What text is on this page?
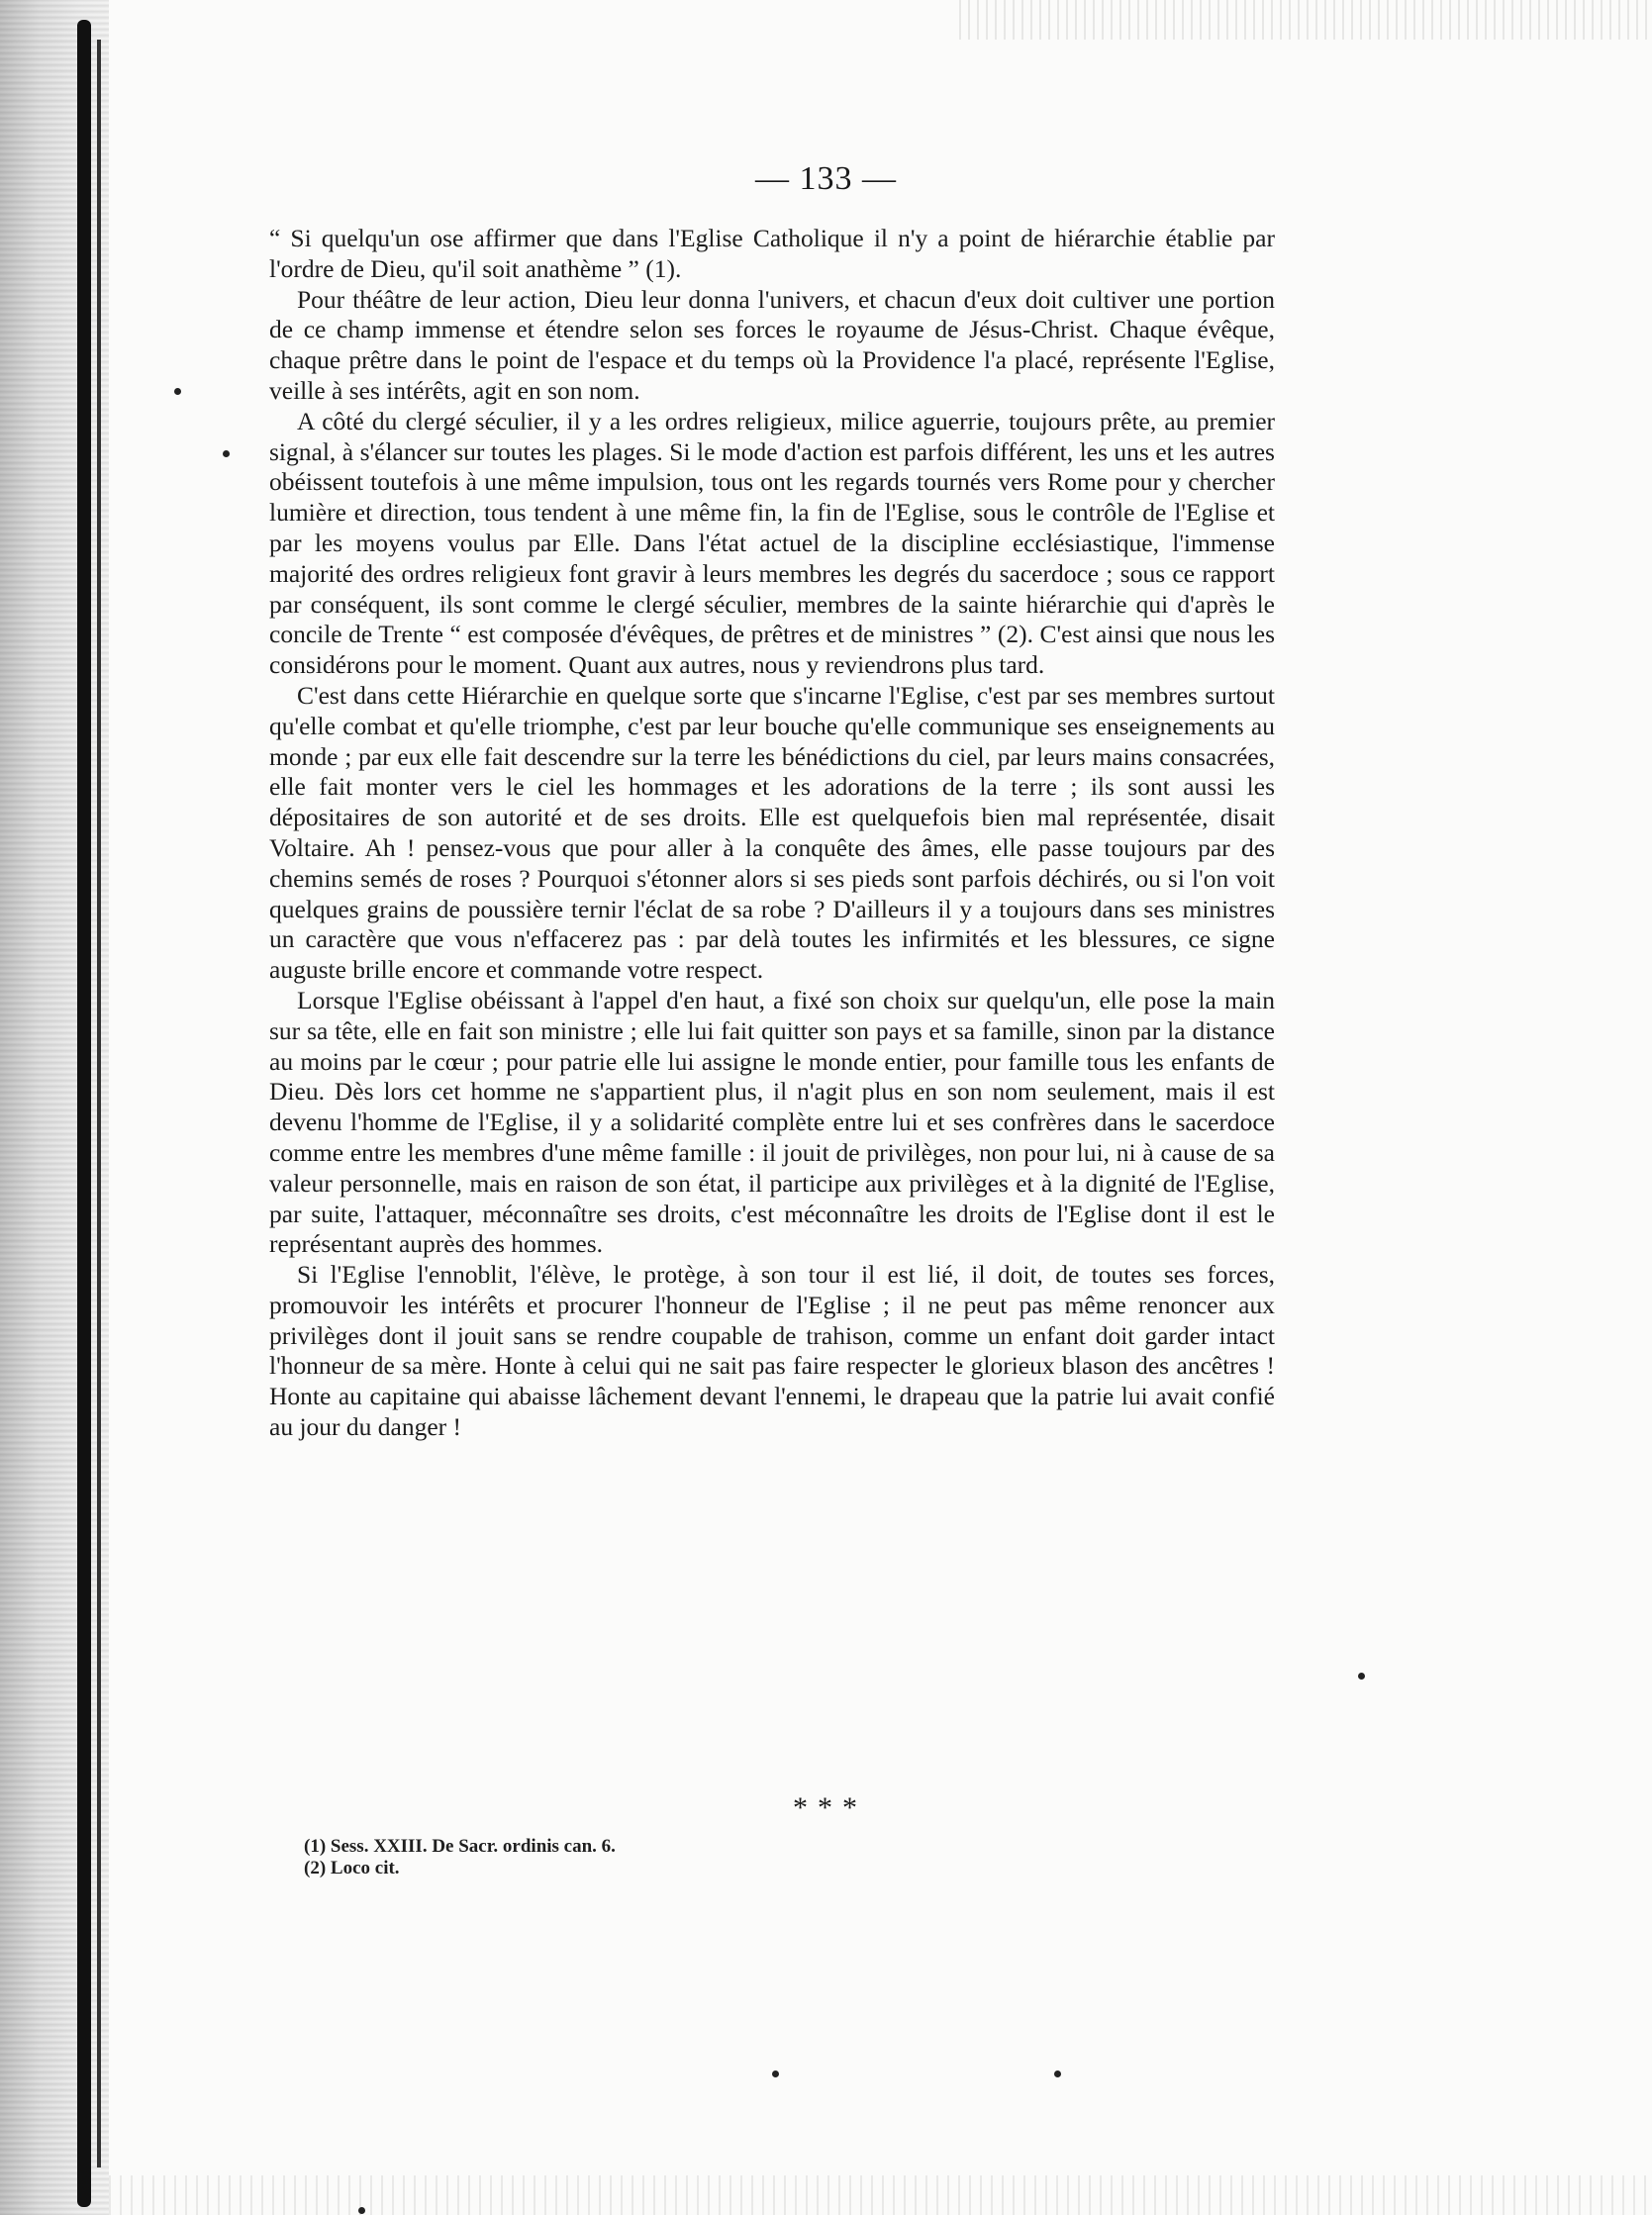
— 133 —

“ Si quelqu'un ose affirmer que dans l'Eglise Catholique il n'y a point de hiérarchie établie par l'ordre de Dieu, qu'il soit anathème ” (1).

Pour théâtre de leur action, Dieu leur donna l'univers, et chacun d'eux doit cultiver une portion de ce champ immense et étendre selon ses forces le royaume de Jésus-Christ. Chaque évêque, chaque prêtre dans le point de l'espace et du temps où la Providence l'a placé, représente l'Eglise, veille à ses intérêts, agit en son nom.

A côté du clergé séculier, il y a les ordres religieux, milice aguerrie, toujours prête, au premier signal, à s'élancer sur toutes les plages. Si le mode d'action est parfois différent, les uns et les autres obéissent toutefois à une même impulsion, tous ont les regards tournés vers Rome pour y chercher lumière et direction, tous tendent à une même fin, la fin de l'Eglise, sous le contrôle de l'Eglise et par les moyens voulus par Elle. Dans l'état actuel de la discipline ecclésiastique, l'immense majorité des ordres religieux font gravir à leurs membres les degrés du sacerdoce ; sous ce rapport par conséquent, ils sont comme le clergé séculier, membres de la sainte hiérarchie qui d'après le concile de Trente “ est composée d'évêques, de prêtres et de ministres ” (2). C'est ainsi que nous les considérons pour le moment. Quant aux autres, nous y reviendrons plus tard.

C'est dans cette Hiérarchie en quelque sorte que s'incarne l'Eglise, c'est par ses membres surtout qu'elle combat et qu'elle triomphe, c'est par leur bouche qu'elle communique ses enseignements au monde ; par eux elle fait descendre sur la terre les bénédictions du ciel, par leurs mains consacrées, elle fait monter vers le ciel les hommages et les adorations de la terre ; ils sont aussi les dépositaires de son autorité et de ses droits. Elle est quelquefois bien mal représentée, disait Voltaire. Ah ! pensez-vous que pour aller à la conquête des âmes, elle passe toujours par des chemins semés de roses ? Pourquoi s'étonner alors si ses pieds sont parfois déchirés, ou si l'on voit quelques grains de poussière ternir l'éclat de sa robe ? D'ailleurs il y a toujours dans ses ministres un caractère que vous n'effacerez pas : par delà toutes les infirmités et les blessures, ce signe auguste brille encore et commande votre respect.

Lorsque l'Eglise obéissant à l'appel d'en haut, a fixé son choix sur quelqu'un, elle pose la main sur sa tête, elle en fait son ministre ; elle lui fait quitter son pays et sa famille, sinon par la distance au moins par le cœur ; pour patrie elle lui assigne le monde entier, pour famille tous les enfants de Dieu. Dès lors cet homme ne s'appartient plus, il n'agit plus en son nom seulement, mais il est devenu l'homme de l'Eglise, il y a solidarité complète entre lui et ses confrères dans le sacerdoce comme entre les membres d'une même famille : il jouit de privilèges, non pour lui, ni à cause de sa valeur personnelle, mais en raison de son état, il participe aux privilèges et à la dignité de l'Eglise, par suite, l'attaquer, méconnaître ses droits, c'est méconnaître les droits de l'Eglise dont il est le représentant auprès des hommes.

Si l'Eglise l'ennoblit, l'élève, le protège, à son tour il est lié, il doit, de toutes ses forces, promouvoir les intérêts et procurer l'honneur de l'Eglise ; il ne peut pas même renoncer aux privilèges dont il jouit sans se rendre coupable de trahison, comme un enfant doit garder intact l'honneur de sa mère. Honte à celui qui ne sait pas faire respecter le glorieux blason des ancêtres ! Honte au capitaine qui abaisse lâchement devant l'ennemi, le drapeau que la patrie lui avait confié au jour du danger !

* * *
(1) Sess. XXIII. De Sacr. ordinis can. 6.
(2) Loco cit.
